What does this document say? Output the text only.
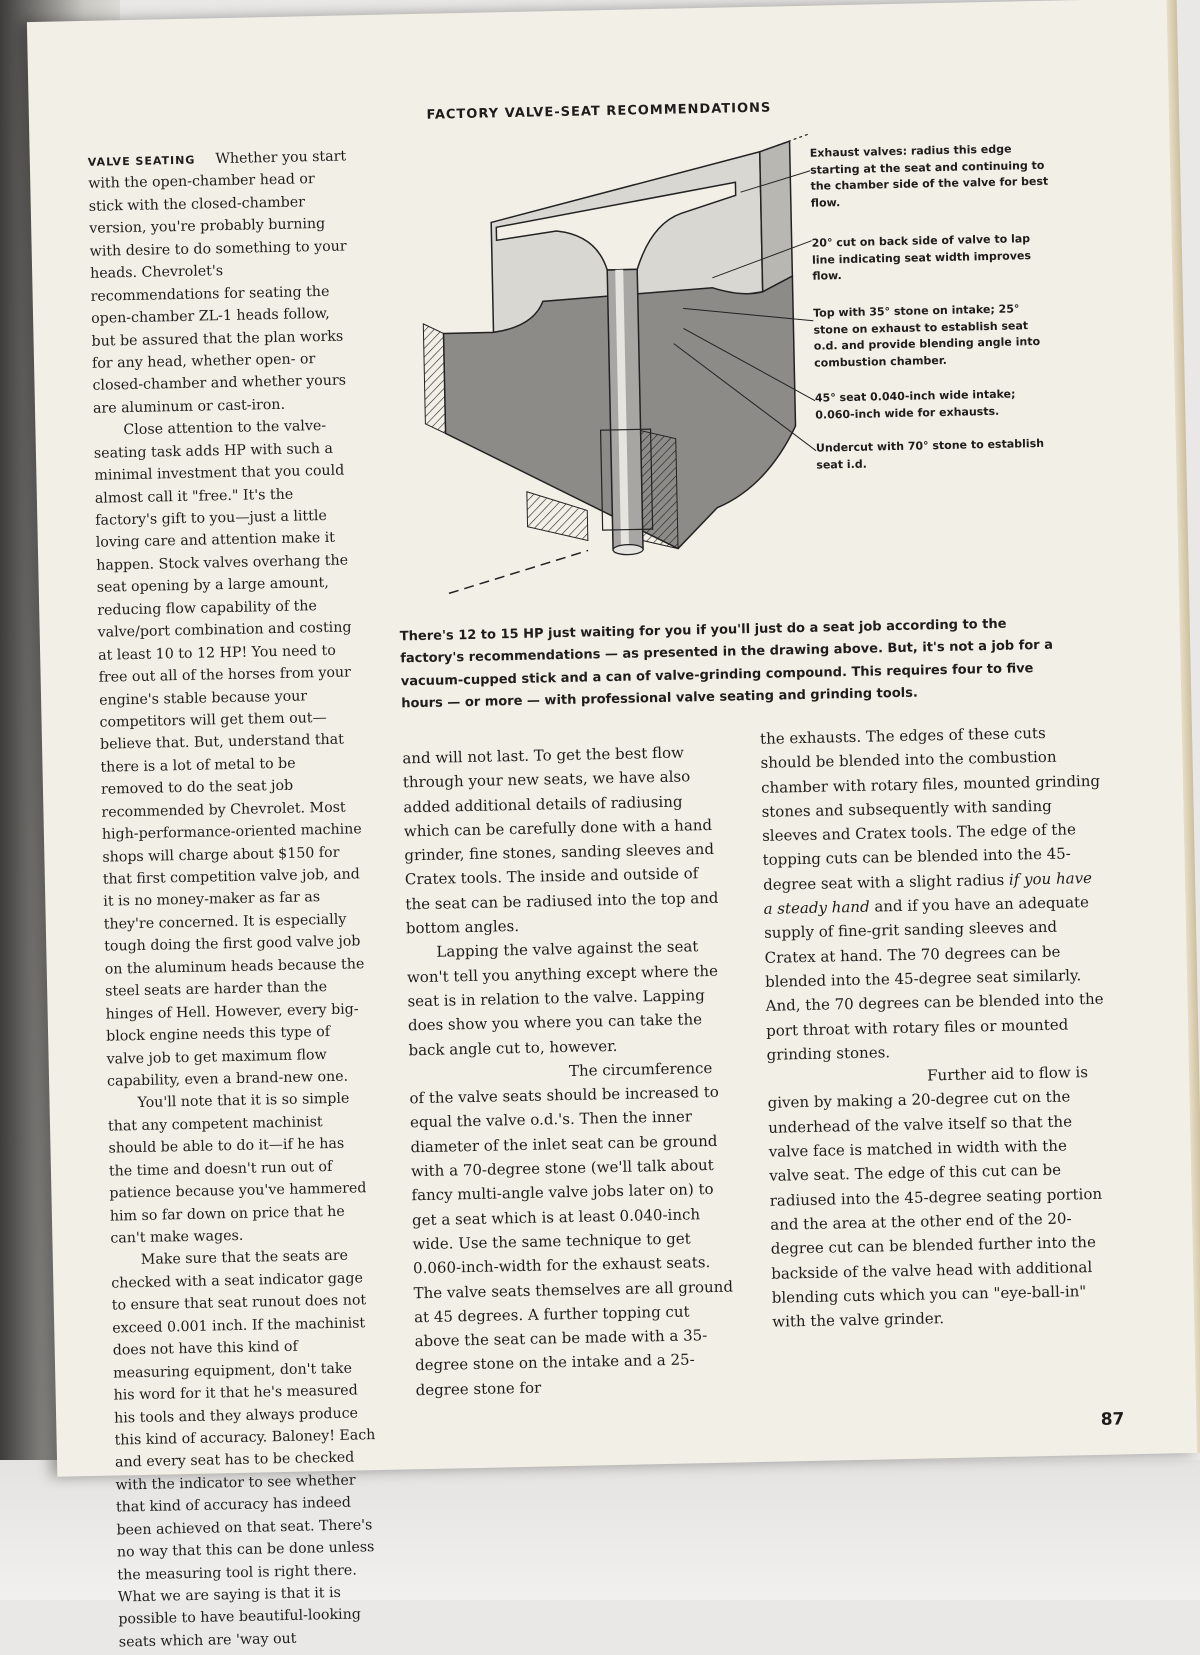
FACTORY VALVE-SEAT RECOMMENDATIONS
Exhaust valves: radius this edge starting at the seat and continuing to the chamber side of the valve for best flow.
20° cut on back side of valve to lap line indicating seat width improves flow.
Top with 35° stone on intake; 25° stone on exhaust to establish seat o.d. and provide blending angle into combustion chamber.
45° seat 0.040-inch wide intake; 0.060-inch wide for exhausts.
Undercut with 70° stone to establish seat i.d.
There's 12 to 15 HP just waiting for you if you'll just do a seat job according to the factory's recommendations — as presented in the drawing above. But, it's not a job for a vacuum-cupped stick and a can of valve-grinding compound. This requires four to five hours — or more — with professional valve seating and grinding tools.

VALVE SEATING Whether you start with the open-chamber head or stick with the closed-chamber version, you're probably burning with desire to do something to your heads. Chevrolet's recommendations for seating the open-chamber ZL-1 heads follow, but be assured that the plan works for any head, whether open- or closed-chamber and whether yours are aluminum or cast-iron.

Close attention to the valve-seating task adds HP with such a minimal investment that you could almost call it "free." It's the factory's gift to you—just a little loving care and attention make it happen. Stock valves overhang the seat opening by a large amount, reducing flow capability of the valve/port combination and costing at least 10 to 12 HP! You need to free out all of the horses from your engine's stable because your competitors will get them out—believe that. But, understand that there is a lot of metal to be removed to do the seat job recommended by Chevrolet. Most high-performance-oriented machine shops will charge about $150 for that first competition valve job, and it is no money-maker as far as they're concerned. It is especially tough doing the first good valve job on the aluminum heads because the steel seats are harder than the hinges of Hell. However, every big-block engine needs this type of valve job to get maximum flow capability, even a brand-new one.

You'll note that it is so simple that any competent machinist should be able to do it—if he has the time and doesn't run out of patience because you've hammered him so far down on price that he can't make wages.

Make sure that the seats are checked with a seat indicator gage to ensure that seat runout does not exceed 0.001 inch. If the machinist does not have this kind of measuring equipment, don't take his word for it that he's measured his tools and they always produce this kind of accuracy. Baloney! Each and every seat has to be checked with the indicator to see whether that kind of accuracy has indeed been achieved on that seat. There's no way that this can be done unless the measuring tool is right there. What we are saying is that it is possible to have beautiful-looking seats which are 'way out

and will not last. To get the best flow through your new seats, we have also added additional details of radiusing which can be carefully done with a hand grinder, fine stones, sanding sleeves and Cratex tools. The inside and outside of the seat can be radiused into the top and bottom angles.

Lapping the valve against the seat won't tell you anything except where the seat is in relation to the valve. Lapping does show you where you can take the back angle cut to, however.

The circumference of the valve seats should be increased to equal the valve o.d.'s. Then the inner diameter of the inlet seat can be ground with a 70-degree stone (we'll talk about fancy multi-angle valve jobs later on) to get a seat which is at least 0.040-inch wide. Use the same technique to get 0.060-inch-width for the exhaust seats. The valve seats themselves are all ground at 45 degrees. A further topping cut above the seat can be made with a 35-degree stone on the intake and a 25-degree stone for

the exhausts. The edges of these cuts should be blended into the combustion chamber with rotary files, mounted grinding stones and subsequently with sanding sleeves and Cratex tools. The edge of the topping cuts can be blended into the 45-degree seat with a slight radius if you have a steady hand and if you have an adequate supply of fine-grit sanding sleeves and Cratex at hand. The 70 degrees can be blended into the 45-degree seat similarly. And, the 70 degrees can be blended into the port throat with rotary files or mounted grinding stones.

Further aid to flow is given by making a 20-degree cut on the underhead of the valve itself so that the valve face is matched in width with the valve seat. The edge of this cut can be radiused into the 45-degree seating portion and the area at the other end of the 20-degree cut can be blended further into the backside of the valve head with additional blending cuts which you can "eye-ball-in" with the valve grinder.

87
